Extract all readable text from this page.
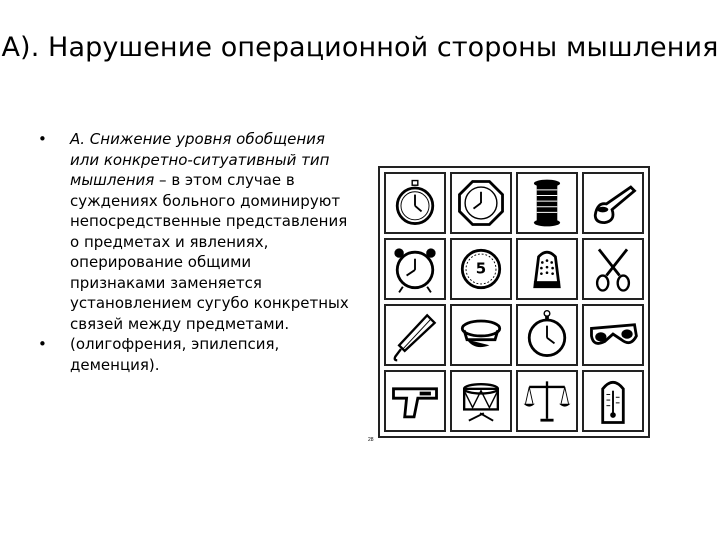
А). Нарушение операционной стороны мышления
•	А. Снижение уровня обобщения или конкретно-ситуативный тип мышления – в этом случае в суждениях больного доминируют непосредственные представления о предметах и явлениях, оперирование общими признаками заменяется установлением сугубо конкретных связей между предметами.
•	(олигофрения, эпилепсия, деменция).
5
28
